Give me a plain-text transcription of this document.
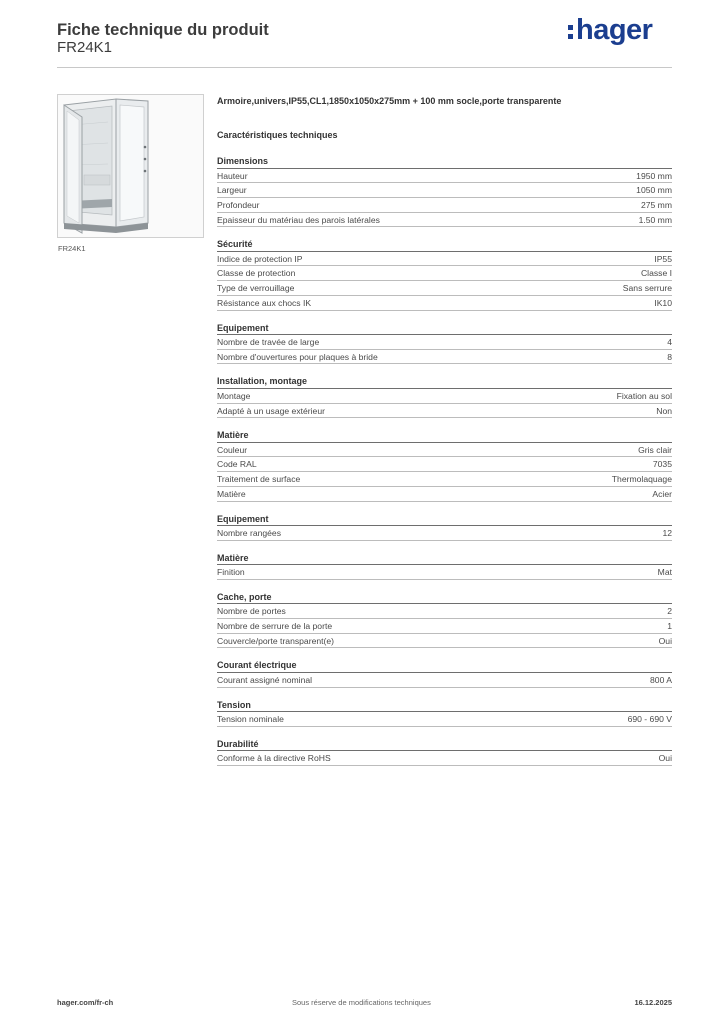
Fiche technique du produit
FR24K1
hager
FR24K1
Armoire,univers,IP55,CL1,1850x1050x275mm + 100 mm socle,porte transparente
Caractéristiques techniques
Dimensions
Hauteur	1950 mm
Largeur	1050 mm
Profondeur	275 mm
Epaisseur du matériau des parois latérales	1.50 mm
Sécurité
Indice de protection IP	IP55
Classe de protection	Classe I
Type de verrouillage	Sans serrure
Résistance aux chocs IK	IK10
Equipement
Nombre de travée de large	4
Nombre d'ouvertures pour plaques à bride	8
Installation, montage
Montage	Fixation au sol
Adapté à un usage extérieur	Non
Matière
Couleur	Gris clair
Code RAL	7035
Traitement de surface	Thermolaquage
Matière	Acier
Equipement
Nombre rangées	12
Matière
Finition	Mat
Cache, porte
Nombre de portes	2
Nombre de serrure de la porte	1
Couvercle/porte transparent(e)	Oui
Courant électrique
Courant assigné nominal	800 A
Tension
Tension nominale	690 - 690 V
Durabilité
Conforme à la directive RoHS	Oui
hager.com/fr-ch	Sous réserve de modifications techniques	16.12.2025
